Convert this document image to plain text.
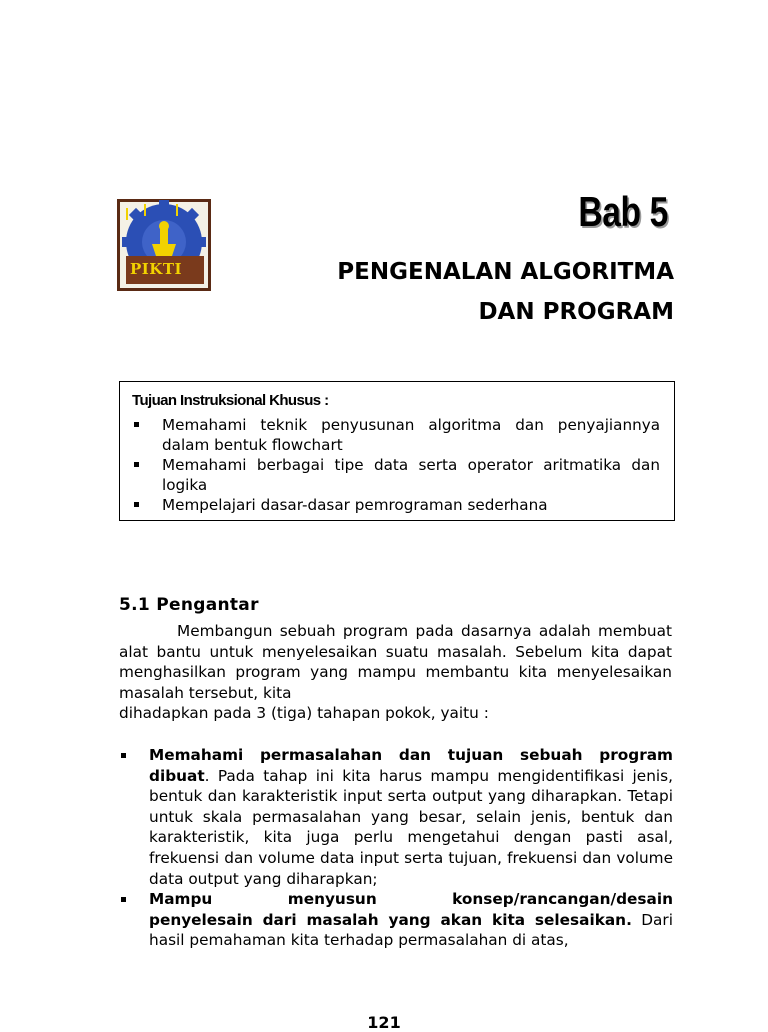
PIKTI
Bab 5
PENGENALAN ALGORITMA
DAN PROGRAM
Tujuan Instruksional Khusus :
Memahami teknik penyusunan algoritma dan penyajiannya dalam bentuk flowchart
Memahami berbagai tipe data serta operator aritmatika dan logika
Mempelajari dasar-dasar pemrograman sederhana
5.1 Pengantar

Membangun sebuah program pada dasarnya adalah membuat alat bantu untuk menyelesaikan suatu masalah. Sebelum kita dapat menghasilkan program yang mampu membantu kita menyelesaikan masalah tersebut, kita

dihadapkan pada 3 (tiga) tahapan pokok, yaitu :
Memahami permasalahan dan tujuan sebuah program dibuat. Pada tahap ini kita harus mampu mengidentifikasi jenis, bentuk dan karakteristik input serta output yang diharapkan. Tetapi untuk skala permasalahan yang besar, selain jenis, bentuk dan karakteristik, kita juga perlu mengetahui dengan pasti asal, frekuensi dan volume data input serta tujuan, frekuensi dan volume data output yang diharapkan;
Mampu menyusun konsep/rancangan/desain
penyelesain dari masalah yang akan kita selesaikan. Dari hasil pemahaman kita terhadap permasalahan di atas,
121
